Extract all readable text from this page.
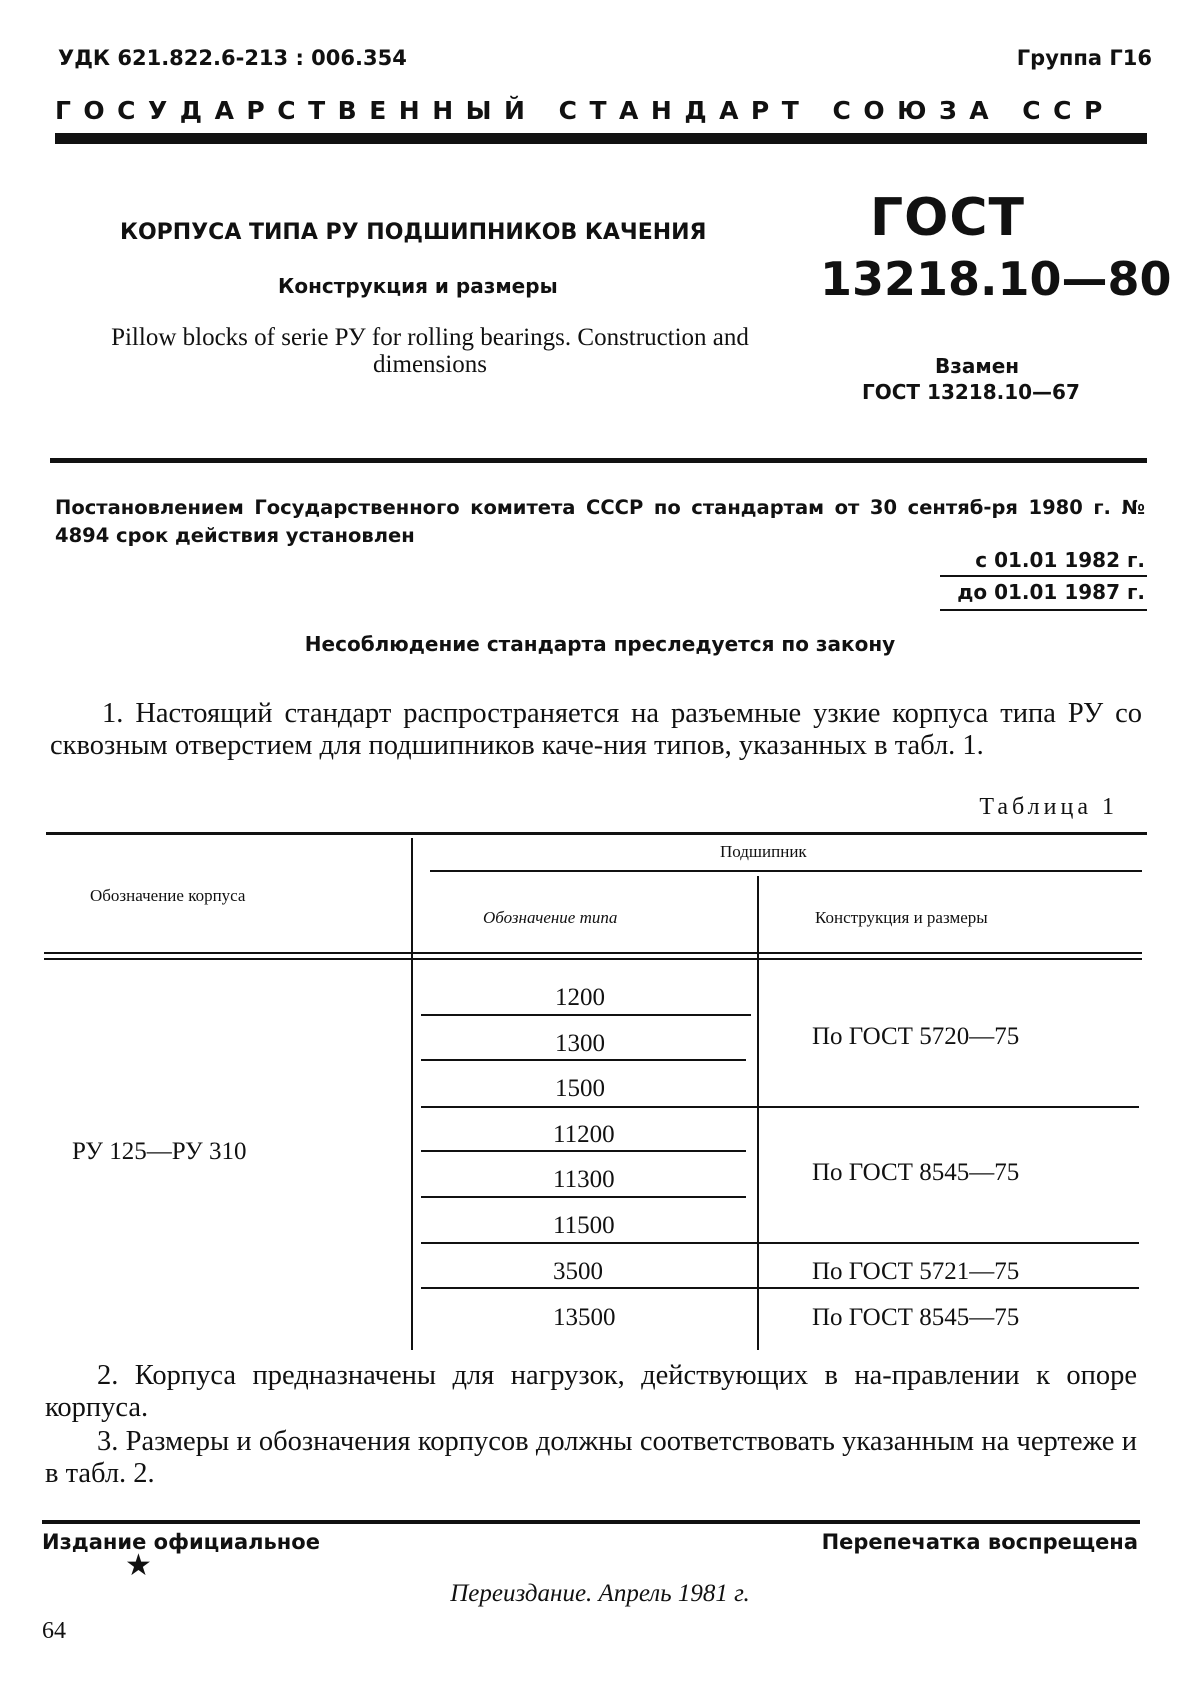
УДК 621.822.6-213 : 006.354	Группа Г16
ГОСУДАРСТВЕННЫЙ СТАНДАРТ СОЮЗА ССР
КОРПУСА ТИПА РУ ПОДШИПНИКОВ КАЧЕНИЯ
Конструкция и размеры
Pillow blocks of serie РУ for rolling bearings. Construction and dimensions
ГОСТ
13218.10—80
Взамен
ГОСТ 13218.10—67
Постановлением Государственного комитета СССР по стандартам от 30 сентяб-ря 1980 г. № 4894 срок действия установлен
с 01.01 1982 г.
до 01.01 1987 г.
Несоблюдение стандарта преследуется по закону
1. Настоящий стандарт распространяется на разъемные узкие корпуса типа РУ со сквозным отверстием для подшипников каче-ния типов, указанных в табл. 1.
Таблица 1
Обозначение корпуса
Подшипник
Обозначение типа	Конструкция и размеры
РУ 125—РУ 310
1200
1300
1500
11200
11300
11500
3500
13500
По ГОСТ 5720—75
По ГОСТ 8545—75
По ГОСТ 5721—75
По ГОСТ 8545—75
2. Корпуса предназначены для нагрузок, действующих в на-правлении к опоре корпуса.
3. Размеры и обозначения корпусов должны соответствовать указанным на чертеже и в табл. 2.
Издание официальное
★
Перепечатка воспрещена
Переиздание. Апрель 1981 г.
64
